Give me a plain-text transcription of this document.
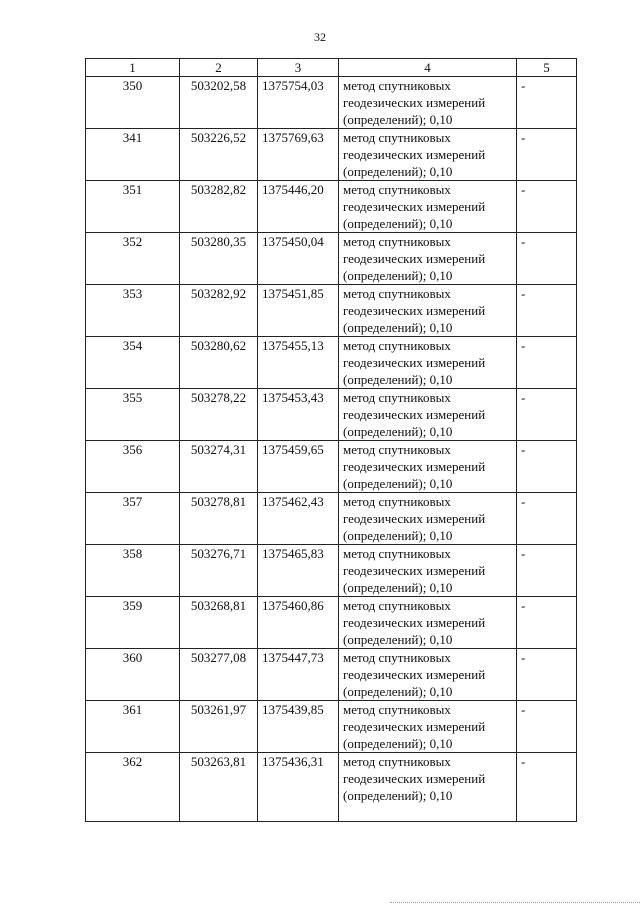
32
1	2	3	4	5
350	503202,58	1375754,03	метод спутниковых геодезических измерений (определений); 0,10	-
341	503226,52	1375769,63	метод спутниковых геодезических измерений (определений); 0,10	-
351	503282,82	1375446,20	метод спутниковых геодезических измерений (определений); 0,10	-
352	503280,35	1375450,04	метод спутниковых геодезических измерений (определений); 0,10	-
353	503282,92	1375451,85	метод спутниковых геодезических измерений (определений); 0,10	-
354	503280,62	1375455,13	метод спутниковых геодезических измерений (определений); 0,10	-
355	503278,22	1375453,43	метод спутниковых геодезических измерений (определений); 0,10	-
356	503274,31	1375459,65	метод спутниковых геодезических измерений (определений); 0,10	-
357	503278,81	1375462,43	метод спутниковых геодезических измерений (определений); 0,10	-
358	503276,71	1375465,83	метод спутниковых геодезических измерений (определений); 0,10	-
359	503268,81	1375460,86	метод спутниковых геодезических измерений (определений); 0,10	-
360	503277,08	1375447,73	метод спутниковых геодезических измерений (определений); 0,10	-
361	503261,97	1375439,85	метод спутниковых геодезических измерений (определений); 0,10	-
362	503263,81	1375436,31	метод спутниковых геодезических измерений (определений); 0,10	-
